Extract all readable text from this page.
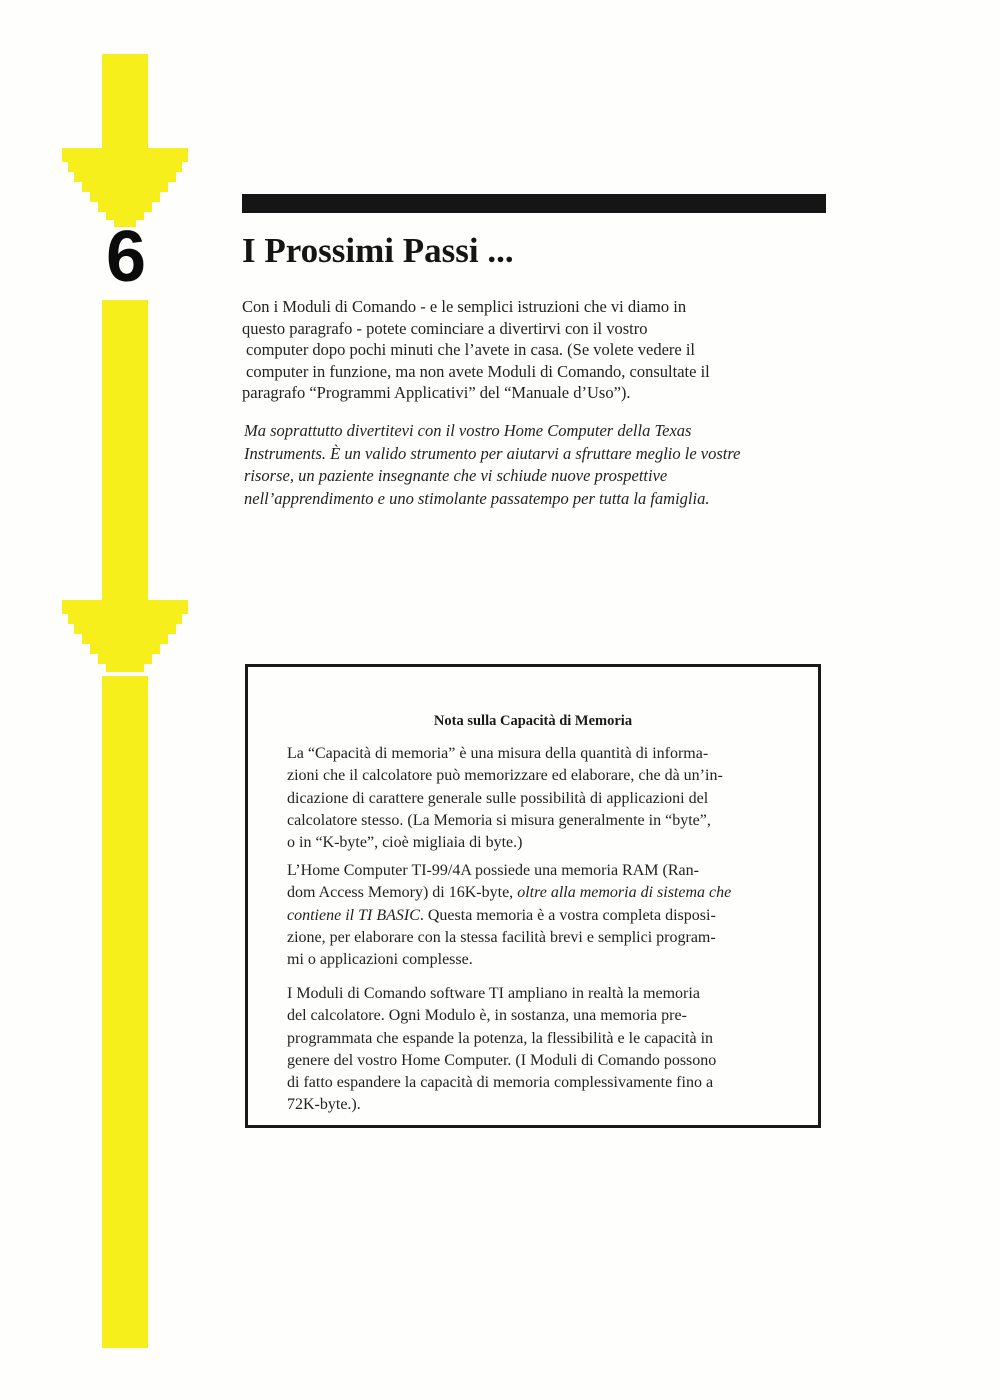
6	I Prossimi Passi ...

Con i Moduli di Comando - e le semplici istruzioni che vi diamo in
questo paragrafo - potete cominciare a divertirvi con il vostro
computer dopo pochi minuti che l’avete in casa. (Se volete vedere il
computer in funzione, ma non avete Moduli di Comando, consultate il
paragrafo “Programmi Applicativi” del “Manuale d’Uso”).

Ma soprattutto divertitevi con il vostro Home Computer della Texas
Instruments. È un valido strumento per aiutarvi a sfruttare meglio le vostre
risorse, un paziente insegnante che vi schiude nuove prospettive
nell’apprendimento e uno stimolante passatempo per tutta la famiglia.

Nota sulla Capacità di Memoria

La “Capacità di memoria” è una misura della quantità di informa-
zioni che il calcolatore può memorizzare ed elaborare, che dà un’in-
dicazione di carattere generale sulle possibilità di applicazioni del
calcolatore stesso. (La Memoria si misura generalmente in “byte”,
o in “K-byte”, cioè migliaia di byte.)

L’Home Computer TI-99/4A possiede una memoria RAM (Ran-
dom Access Memory) di 16K-byte, oltre alla memoria di sistema che
contiene il TI BASIC. Questa memoria è a vostra completa disposi-
zione, per elaborare con la stessa facilità brevi e semplici program-
mi o applicazioni complesse.

I Moduli di Comando software TI ampliano in realtà la memoria
del calcolatore. Ogni Modulo è, in sostanza, una memoria pre-
programmata che espande la potenza, la flessibilità e le capacità in
genere del vostro Home Computer. (I Moduli di Comando possono
di fatto espandere la capacità di memoria complessivamente fino a
72K-byte.).
